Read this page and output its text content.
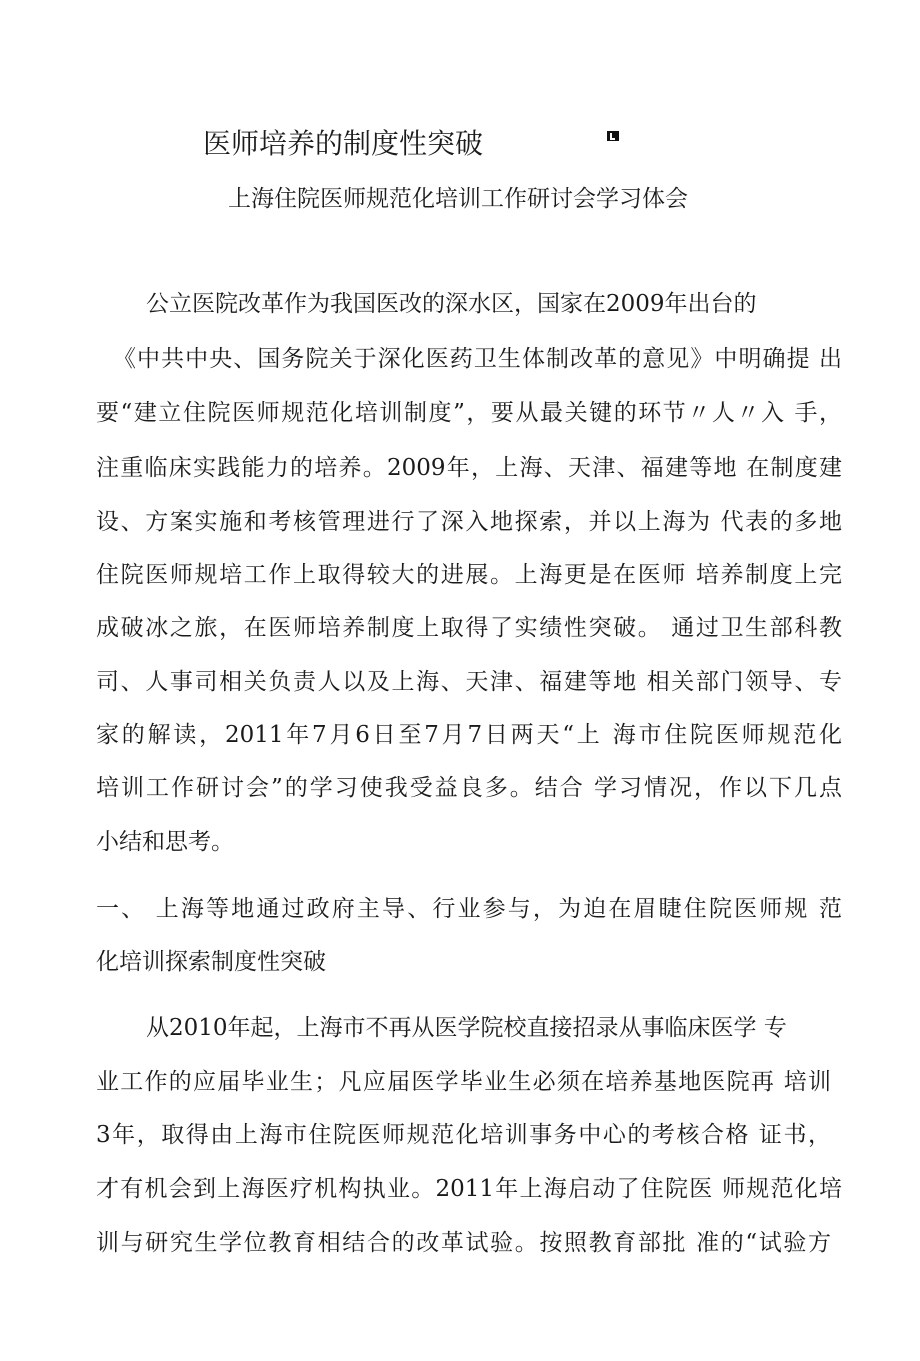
医师培养的制度性突破
上海住院医师规范化培训工作研讨会学习体会
公立医院改革作为我国医改的深水区，国家在2009年出台的
《中共中央、国务院关于深化医药卫生体制改革的意见》中明确提 出
要“建立住院医师规范化培训制度”，要从最关键的环节〃人〃入 手，
注重临床实践能力的培养。2009年，上海、天津、福建等地 在制度建
设、方案实施和考核管理进行了深入地探索，并以上海为 代表的多地
住院医师规培工作上取得较大的进展。上海更是在医师 培养制度上完
成破冰之旅，在医师培养制度上取得了实绩性突破。 通过卫生部科教
司、人事司相关负责人以及上海、天津、福建等地 相关部门领导、专
家的解读，2011年7月6日至7月7日两天“上 海市住院医师规范化
培训工作研讨会”的学习使我受益良多。结合 学习情况，作以下几点
小结和思考。
一、 上海等地通过政府主导、行业参与，为迫在眉睫住院医师规 范
化培训探索制度性突破
从2010年起，上海市不再从医学院校直接招录从事临床医学 专
业工作的应届毕业生；凡应届医学毕业生必须在培养基地医院再 培训
3年，取得由上海市住院医师规范化培训事务中心的考核合格 证书，
才有机会到上海医疗机构执业。2011年上海启动了住院医 师规范化培
训与研究生学位教育相结合的改革试验。按照教育部批 准的“试验方
